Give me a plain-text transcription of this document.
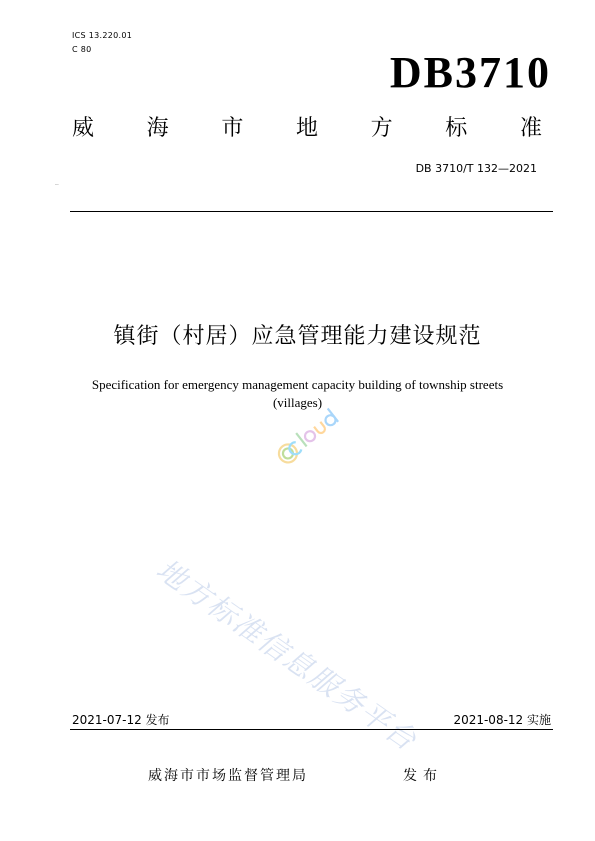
ICS 13.220.01
C 80	DB3710
威 海 市 地 方 标 准
DB 3710/T 132—2021
镇街（村居）应急管理能力建设规范
Specification for emergency management capacity building of township streets
(villages)
eCloud
地方标准信息服务平台
2021-07-12 发布	2021-08-12 实施
威海市市场监督管理局	发布
